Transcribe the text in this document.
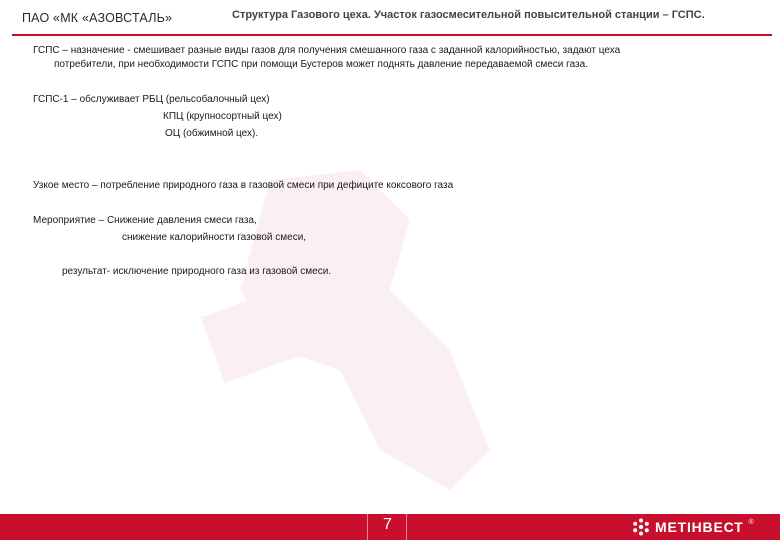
ПАО «МК «АЗОВСТАЛЬ»	Структура Газового цеха. Участок газосмесительной повысительной станции – ГСПС.
ГСПС – назначение - смешивает разные виды газов для получения смешанного газа с заданной калорийностью, задают цеха
потребители, при необходимости ГСПС при помощи Бустеров может поднять давление передаваемой смеси газа.
ГСПС-1 – обслуживает РБЦ (рельсобалочный цех)
КПЦ (крупносортный цех)
ОЦ (обжимной цех).
Узкое место – потребление природного газа в газовой смеси при дефиците коксового газа
Мероприятие – Снижение давления смеси газа,
снижение калорийности газовой смеси,
результат- исключение природного газа из газовой смеси.
7	МЕТІНВЕСТ ®
